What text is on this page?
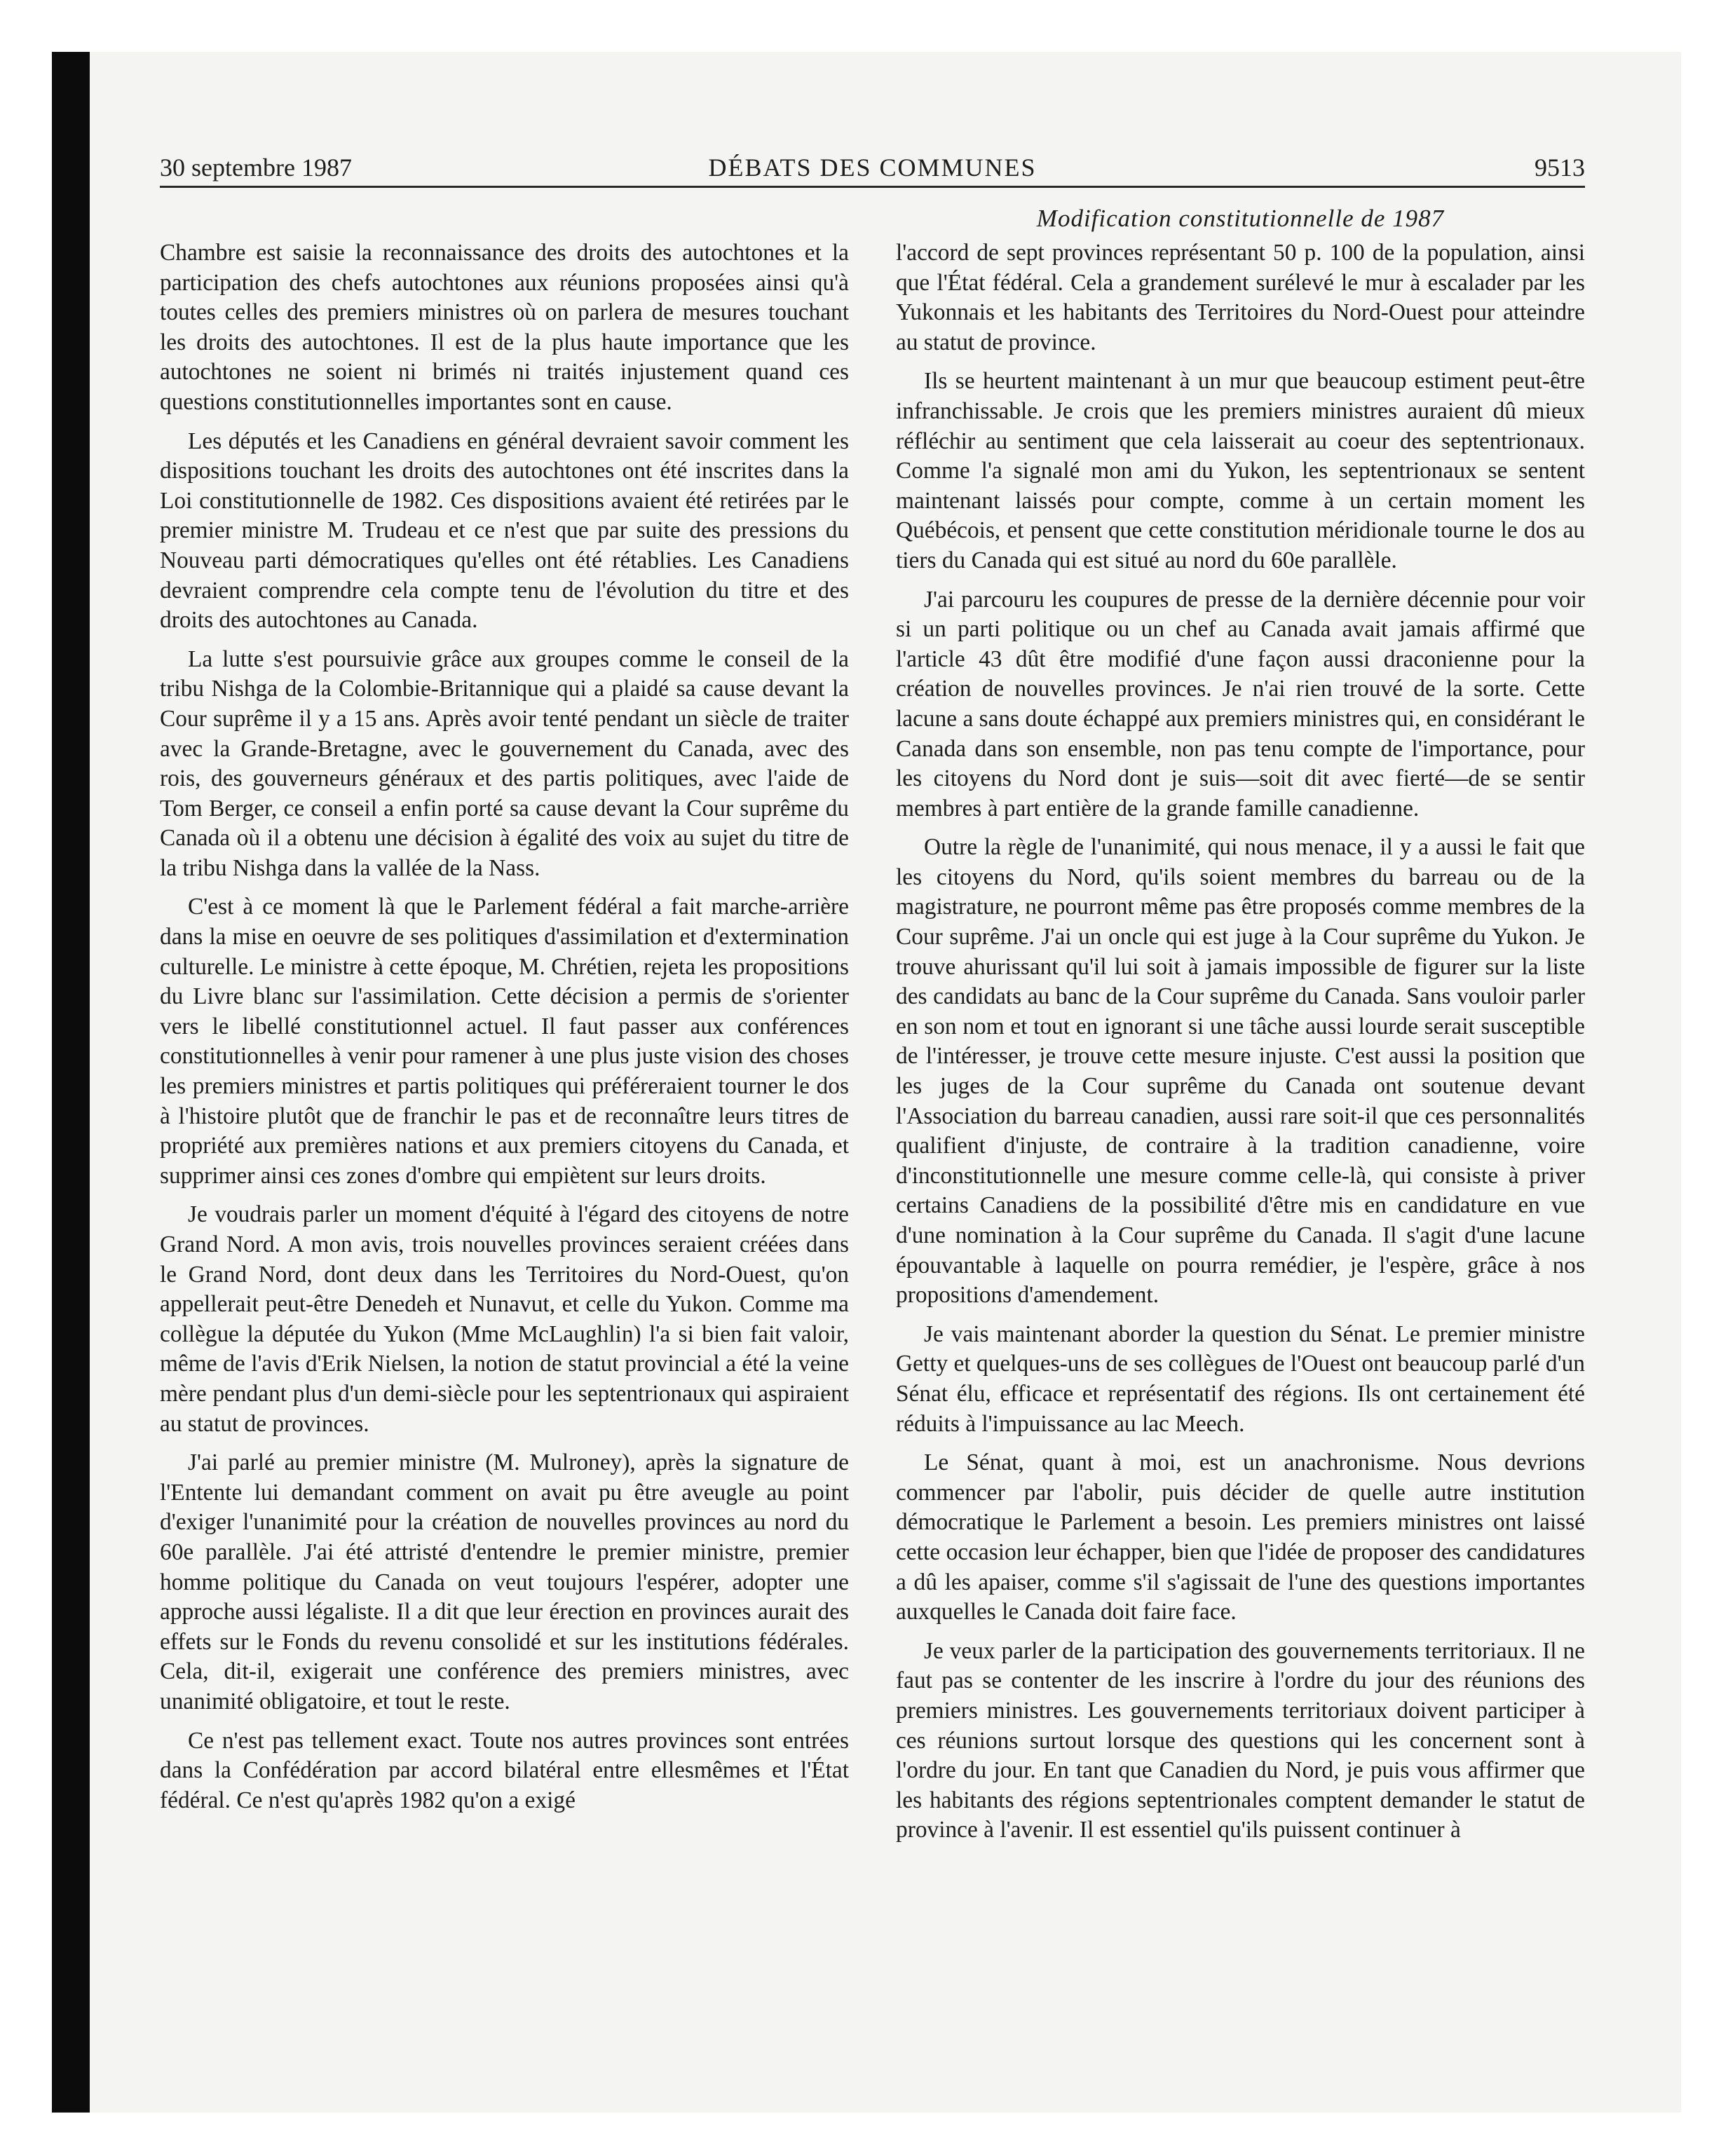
30 septembre 1987	DÉBATS DES COMMUNES	9513
Modification constitutionnelle de 1987

Chambre est saisie la reconnaissance des droits des autochtones et la participation des chefs autochtones aux réunions proposées ainsi qu'à toutes celles des premiers ministres où on parlera de mesures touchant les droits des autochtones. Il est de la plus haute importance que les autochtones ne soient ni brimés ni traités injustement quand ces questions constitutionnelles importantes sont en cause.

Les députés et les Canadiens en général devraient savoir comment les dispositions touchant les droits des autochtones ont été inscrites dans la Loi constitutionnelle de 1982. Ces dispositions avaient été retirées par le premier ministre M. Trudeau et ce n'est que par suite des pressions du Nouveau parti démocratiques qu'elles ont été rétablies. Les Canadiens devraient comprendre cela compte tenu de l'évolution du titre et des droits des autochtones au Canada.

La lutte s'est poursuivie grâce aux groupes comme le conseil de la tribu Nishga de la Colombie-Britannique qui a plaidé sa cause devant la Cour suprême il y a 15 ans. Après avoir tenté pendant un siècle de traiter avec la Grande-Bretagne, avec le gouvernement du Canada, avec des rois, des gouverneurs généraux et des partis politiques, avec l'aide de Tom Berger, ce conseil a enfin porté sa cause devant la Cour suprême du Canada où il a obtenu une décision à égalité des voix au sujet du titre de la tribu Nishga dans la vallée de la Nass.

C'est à ce moment là que le Parlement fédéral a fait marche-arrière dans la mise en oeuvre de ses politiques d'assimilation et d'extermination culturelle. Le ministre à cette époque, M. Chrétien, rejeta les propositions du Livre blanc sur l'assimilation. Cette décision a permis de s'orienter vers le libellé constitutionnel actuel. Il faut passer aux conférences constitutionnelles à venir pour ramener à une plus juste vision des choses les premiers ministres et partis politiques qui préféreraient tourner le dos à l'histoire plutôt que de franchir le pas et de reconnaître leurs titres de propriété aux premières nations et aux premiers citoyens du Canada, et supprimer ainsi ces zones d'ombre qui empiètent sur leurs droits.

Je voudrais parler un moment d'équité à l'égard des citoyens de notre Grand Nord. A mon avis, trois nouvelles provinces seraient créées dans le Grand Nord, dont deux dans les Territoires du Nord-Ouest, qu'on appellerait peut-être Denedeh et Nunavut, et celle du Yukon. Comme ma collègue la députée du Yukon (Mme McLaughlin) l'a si bien fait valoir, même de l'avis d'Erik Nielsen, la notion de statut provincial a été la veine mère pendant plus d'un demi-siècle pour les septentrionaux qui aspiraient au statut de provinces.

J'ai parlé au premier ministre (M. Mulroney), après la signature de l'Entente lui demandant comment on avait pu être aveugle au point d'exiger l'unanimité pour la création de nouvelles provinces au nord du 60e parallèle. J'ai été attristé d'entendre le premier ministre, premier homme politique du Canada on veut toujours l'espérer, adopter une approche aussi légaliste. Il a dit que leur érection en provinces aurait des effets sur le Fonds du revenu consolidé et sur les institutions fédérales. Cela, dit-il, exigerait une conférence des premiers ministres, avec unanimité obligatoire, et tout le reste.

Ce n'est pas tellement exact. Toute nos autres provinces sont entrées dans la Confédération par accord bilatéral entre ellesmêmes et l'État fédéral. Ce n'est qu'après 1982 qu'on a exigé

l'accord de sept provinces représentant 50 p. 100 de la population, ainsi que l'État fédéral. Cela a grandement surélevé le mur à escalader par les Yukonnais et les habitants des Territoires du Nord-Ouest pour atteindre au statut de province.

Ils se heurtent maintenant à un mur que beaucoup estiment peut-être infranchissable. Je crois que les premiers ministres auraient dû mieux réfléchir au sentiment que cela laisserait au coeur des septentrionaux. Comme l'a signalé mon ami du Yukon, les septentrionaux se sentent maintenant laissés pour compte, comme à un certain moment les Québécois, et pensent que cette constitution méridionale tourne le dos au tiers du Canada qui est situé au nord du 60e parallèle.

J'ai parcouru les coupures de presse de la dernière décennie pour voir si un parti politique ou un chef au Canada avait jamais affirmé que l'article 43 dût être modifié d'une façon aussi draconienne pour la création de nouvelles provinces. Je n'ai rien trouvé de la sorte. Cette lacune a sans doute échappé aux premiers ministres qui, en considérant le Canada dans son ensemble, non pas tenu compte de l'importance, pour les citoyens du Nord dont je suis—soit dit avec fierté—de se sentir membres à part entière de la grande famille canadienne.

Outre la règle de l'unanimité, qui nous menace, il y a aussi le fait que les citoyens du Nord, qu'ils soient membres du barreau ou de la magistrature, ne pourront même pas être proposés comme membres de la Cour suprême. J'ai un oncle qui est juge à la Cour suprême du Yukon. Je trouve ahurissant qu'il lui soit à jamais impossible de figurer sur la liste des candidats au banc de la Cour suprême du Canada. Sans vouloir parler en son nom et tout en ignorant si une tâche aussi lourde serait susceptible de l'intéresser, je trouve cette mesure injuste. C'est aussi la position que les juges de la Cour suprême du Canada ont soutenue devant l'Association du barreau canadien, aussi rare soit-il que ces personnalités qualifient d'injuste, de contraire à la tradition canadienne, voire d'inconstitutionnelle une mesure comme celle-là, qui consiste à priver certains Canadiens de la possibilité d'être mis en candidature en vue d'une nomination à la Cour suprême du Canada. Il s'agit d'une lacune épouvantable à laquelle on pourra remédier, je l'espère, grâce à nos propositions d'amendement.

Je vais maintenant aborder la question du Sénat. Le premier ministre Getty et quelques-uns de ses collègues de l'Ouest ont beaucoup parlé d'un Sénat élu, efficace et représentatif des régions. Ils ont certainement été réduits à l'impuissance au lac Meech.

Le Sénat, quant à moi, est un anachronisme. Nous devrions commencer par l'abolir, puis décider de quelle autre institution démocratique le Parlement a besoin. Les premiers ministres ont laissé cette occasion leur échapper, bien que l'idée de proposer des candidatures a dû les apaiser, comme s'il s'agissait de l'une des questions importantes auxquelles le Canada doit faire face.

Je veux parler de la participation des gouvernements territoriaux. Il ne faut pas se contenter de les inscrire à l'ordre du jour des réunions des premiers ministres. Les gouvernements territoriaux doivent participer à ces réunions surtout lorsque des questions qui les concernent sont à l'ordre du jour. En tant que Canadien du Nord, je puis vous affirmer que les habitants des régions septentrionales comptent demander le statut de province à l'avenir. Il est essentiel qu'ils puissent continuer à
